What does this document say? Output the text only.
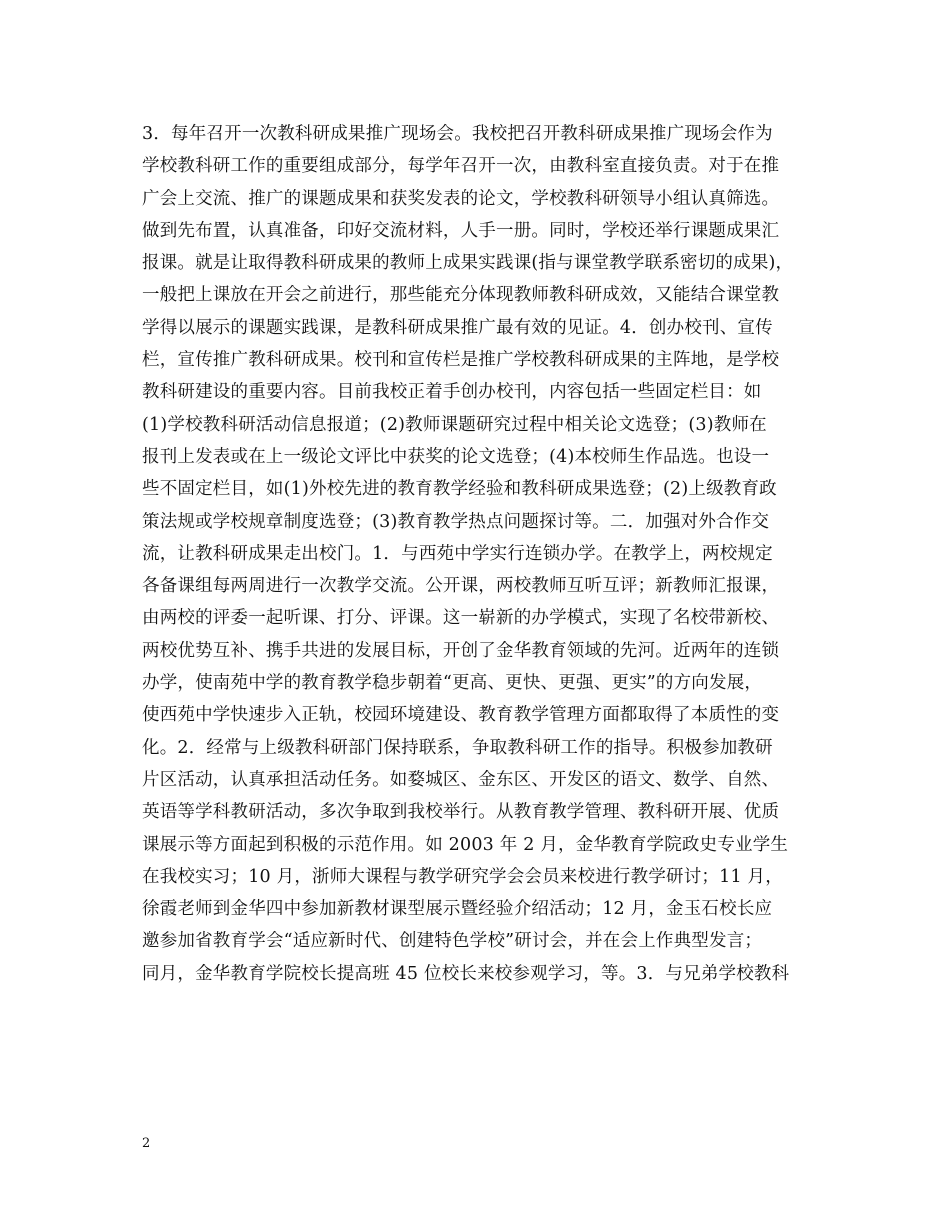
3．每年召开一次教科研成果推广现场会。我校把召开教科研成果推广现场会作为
学校教科研工作的重要组成部分，每学年召开一次，由教科室直接负责。对于在推
广会上交流、推广的课题成果和获奖发表的论文，学校教科研领导小组认真筛选。
做到先布置，认真准备，印好交流材料，人手一册。同时，学校还举行课题成果汇
报课。就是让取得教科研成果的教师上成果实践课(指与课堂教学联系密切的成果)，
一般把上课放在开会之前进行，那些能充分体现教师教科研成效，又能结合课堂教
学得以展示的课题实践课，是教科研成果推广最有效的见证。4．创办校刊、宣传
栏，宣传推广教科研成果。校刊和宣传栏是推广学校教科研成果的主阵地，是学校
教科研建设的重要内容。目前我校正着手创办校刊，内容包括一些固定栏目：如
(1)学校教科研活动信息报道；(2)教师课题研究过程中相关论文选登；(3)教师在
报刊上发表或在上一级论文评比中获奖的论文选登；(4)本校师生作品选。也设一
些不固定栏目，如(1)外校先进的教育教学经验和教科研成果选登；(2)上级教育政
策法规或学校规章制度选登；(3)教育教学热点问题探讨等。二．加强对外合作交
流，让教科研成果走出校门。1．与西苑中学实行连锁办学。在教学上，两校规定
各备课组每两周进行一次教学交流。公开课，两校教师互听互评；新教师汇报课，
由两校的评委一起听课、打分、评课。这一崭新的办学模式，实现了名校带新校、
两校优势互补、携手共进的发展目标，开创了金华教育领域的先河。近两年的连锁
办学，使南苑中学的教育教学稳步朝着“更高、更快、更强、更实”的方向发展，
使西苑中学快速步入正轨，校园环境建设、教育教学管理方面都取得了本质性的变
化。2．经常与上级教科研部门保持联系，争取教科研工作的指导。积极参加教研
片区活动，认真承担活动任务。如婺城区、金东区、开发区的语文、数学、自然、
英语等学科教研活动，多次争取到我校举行。从教育教学管理、教科研开展、优质
课展示等方面起到积极的示范作用。如 2003 年 2 月，金华教育学院政史专业学生
在我校实习；10 月，浙师大课程与教学研究学会会员来校进行教学研讨；11 月，
徐霞老师到金华四中参加新教材课型展示暨经验介绍活动；12 月，金玉石校长应
邀参加省教育学会“适应新时代、创建特色学校”研讨会，并在会上作典型发言；
同月，金华教育学院校长提高班 45 位校长来校参观学习，等。3．与兄弟学校教科
2
